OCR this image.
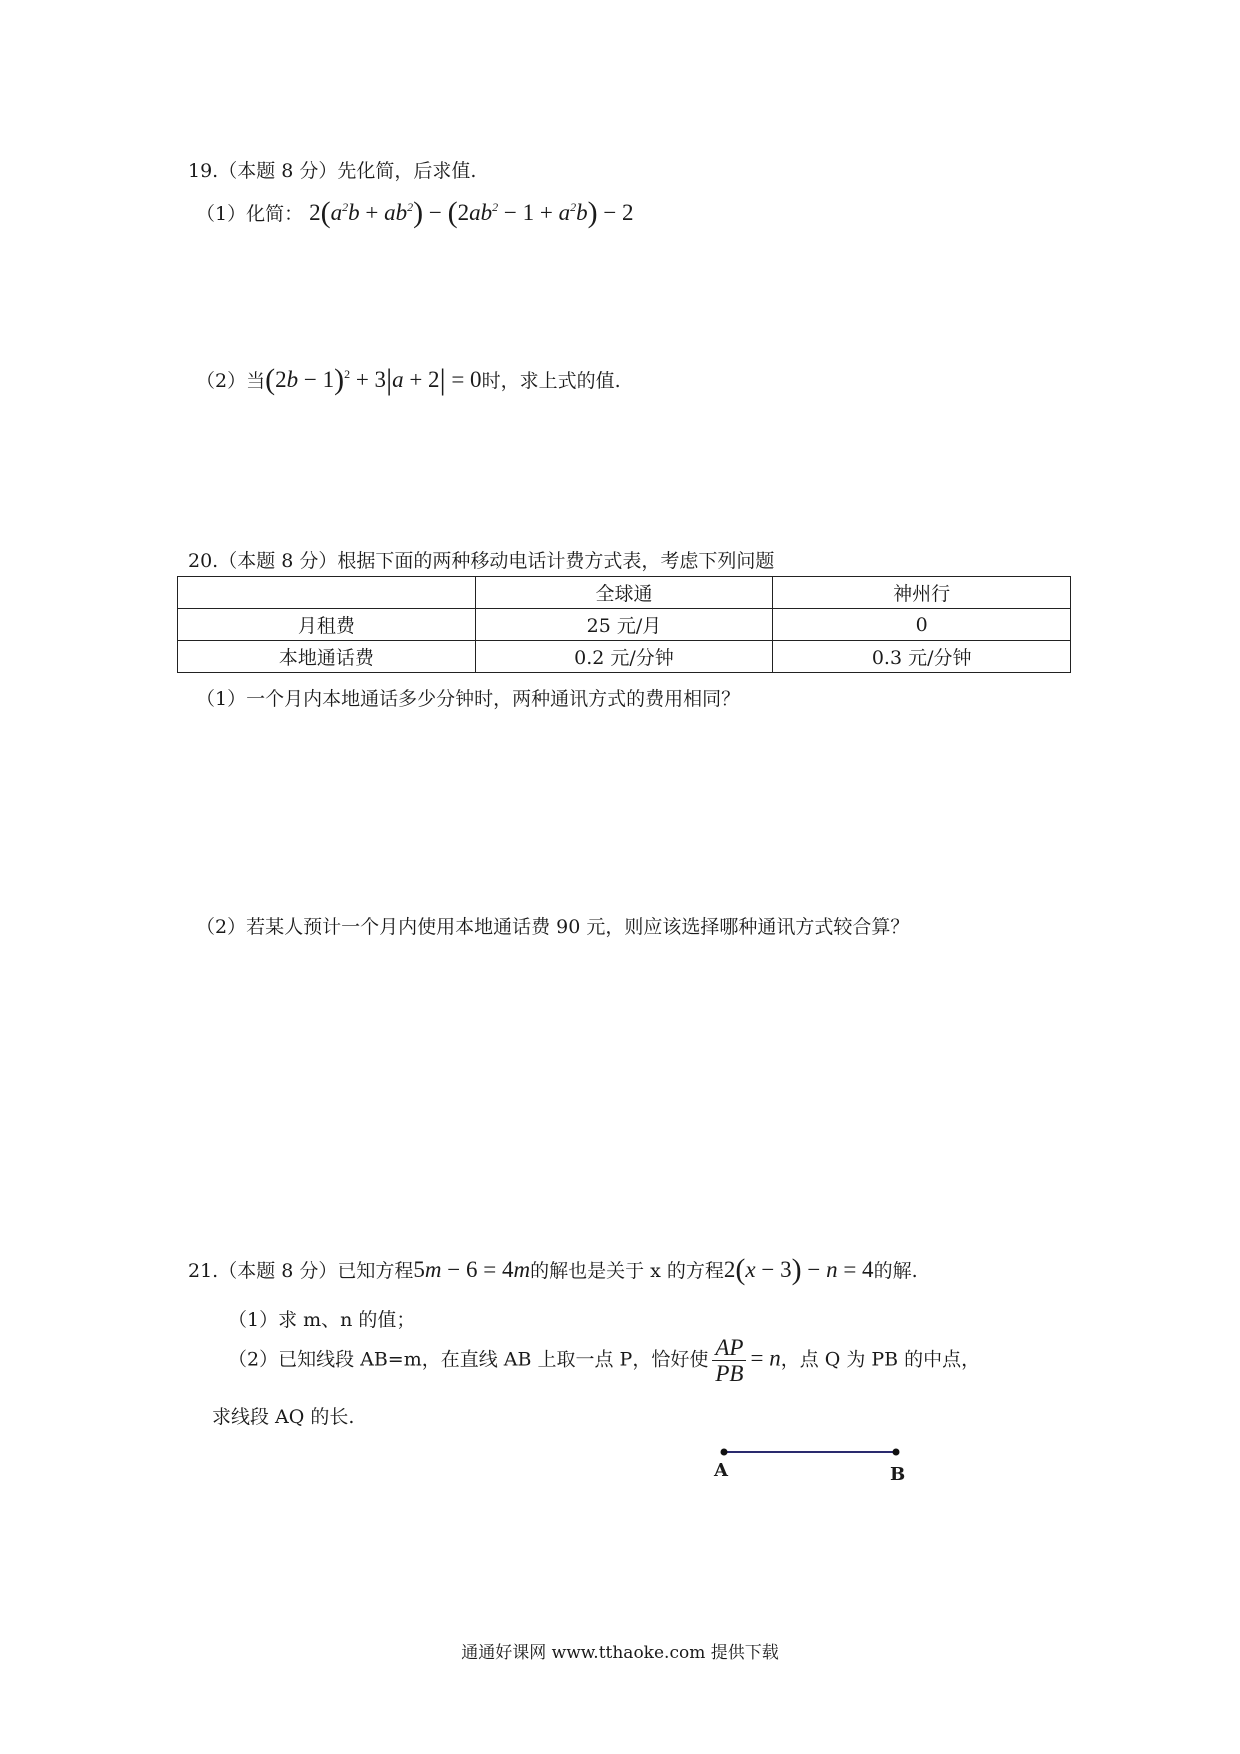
19.（本题 8 分）先化简，后求值.
（1）化简： $2(a^2b + ab^2) - (2ab^2 - 1 + a^2b) - 2$
（2）当$(2b - 1)^2 + 3|a + 2| = 0$时，求上式的值.
20.（本题 8 分）根据下面的两种移动电话计费方式表，考虑下列问题
	全球通	神州行
月租费	25 元/月	0
本地通话费	0.2 元/分钟	0.3 元/分钟
（1）一个月内本地通话多少分钟时，两种通讯方式的费用相同？
（2）若某人预计一个月内使用本地通话费 90 元，则应该选择哪种通讯方式较合算？
21.（本题 8 分）已知方程5m − 6 = 4m的解也是关于 x 的方程2(x − 3) − n = 4的解.
（1）求 m、n 的值；
（2）已知线段 AB=m，在直线 AB 上取一点 P，恰好使 $\frac{AP}{PB} = n$，点 Q 为 PB 的中点，
求线段 AQ 的长.
A	B
通通好课网 www.tthaoke.com 提供下载
